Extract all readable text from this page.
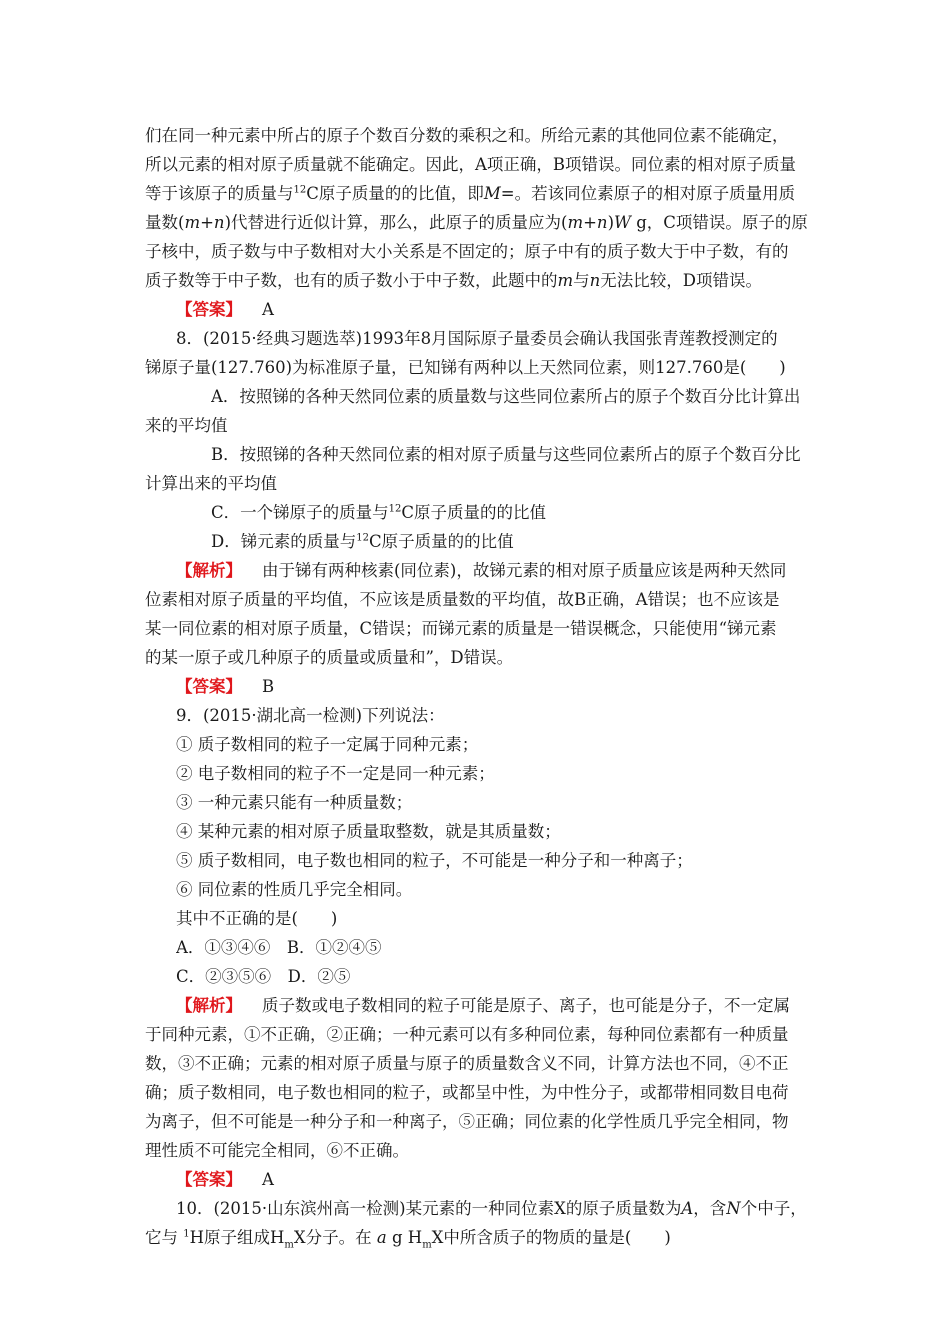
们在同一种元素中所占的原子个数百分数的乘积之和。所给元素的其他同位素不能确定，
所以元素的相对原子质量就不能确定。因此，A项正确，B项错误。同位素的相对原子质量
等于该原子的质量与$^{12}$C原子质量的的比值，即M=。若该同位素原子的相对原子质量用质
量数(m+n)代替进行近似计算，那么，此原子的质量应为(m+n)W g，C项错误。原子的原
子核中，质子数与中子数相对大小关系是不固定的；原子中有的质子数大于中子数，有的
质子数等于中子数，也有的质子数小于中子数，此题中的m与n无法比较，D项错误。
【答案】 A
8．(2015·经典习题选萃)1993年8月国际原子量委员会确认我国张青莲教授测定的
锑原子量(127.760)为标准原子量，已知锑有两种以上天然同位素，则127.760是(　　)
A．按照锑的各种天然同位素的质量数与这些同位素所占的原子个数百分比计算出
来的平均值
B．按照锑的各种天然同位素的相对原子质量与这些同位素所占的原子个数百分比
计算出来的平均值
C．一个锑原子的质量与$^{12}$C原子质量的的比值
D．锑元素的质量与$^{12}$C原子质量的的比值
【解析】 由于锑有两种核素(同位素)，故锑元素的相对原子质量应该是两种天然同
位素相对原子质量的平均值，不应该是质量数的平均值，故B正确，A错误；也不应该是
某一同位素的相对原子质量，C错误；而锑元素的质量是一错误概念，只能使用“锑元素
的某一原子或几种原子的质量或质量和”，D错误。
【答案】 B
9．(2015·湖北高一检测)下列说法：
① 质子数相同的粒子一定属于同种元素；
② 电子数相同的粒子不一定是同一种元素；
③ 一种元素只能有一种质量数；
④ 某种元素的相对原子质量取整数，就是其质量数；
⑤ 质子数相同，电子数也相同的粒子，不可能是一种分子和一种离子；
⑥ 同位素的性质几乎完全相同。
其中不正确的是(　　)
A．①③④⑥　B．①②④⑤
C．②③⑤⑥　D．②⑤
【解析】 质子数或电子数相同的粒子可能是原子、离子，也可能是分子，不一定属
于同种元素，①不正确，②正确；一种元素可以有多种同位素，每种同位素都有一种质量
数，③不正确；元素的相对原子质量与原子的质量数含义不同，计算方法也不同，④不正
确；质子数相同，电子数也相同的粒子，或都呈中性，为中性分子，或都带相同数目电荷
为离子，但不可能是一种分子和一种离子，⑤正确；同位素的化学性质几乎完全相同，物
理性质不可能完全相同，⑥不正确。
【答案】 A
10．(2015·山东滨州高一检测)某元素的一种同位素X的原子质量数为A，含N个中子，
它与 $^1$H原子组成$H_mX$分子。在 a g $H_mX$中所含质子的物质的量是(　　)
